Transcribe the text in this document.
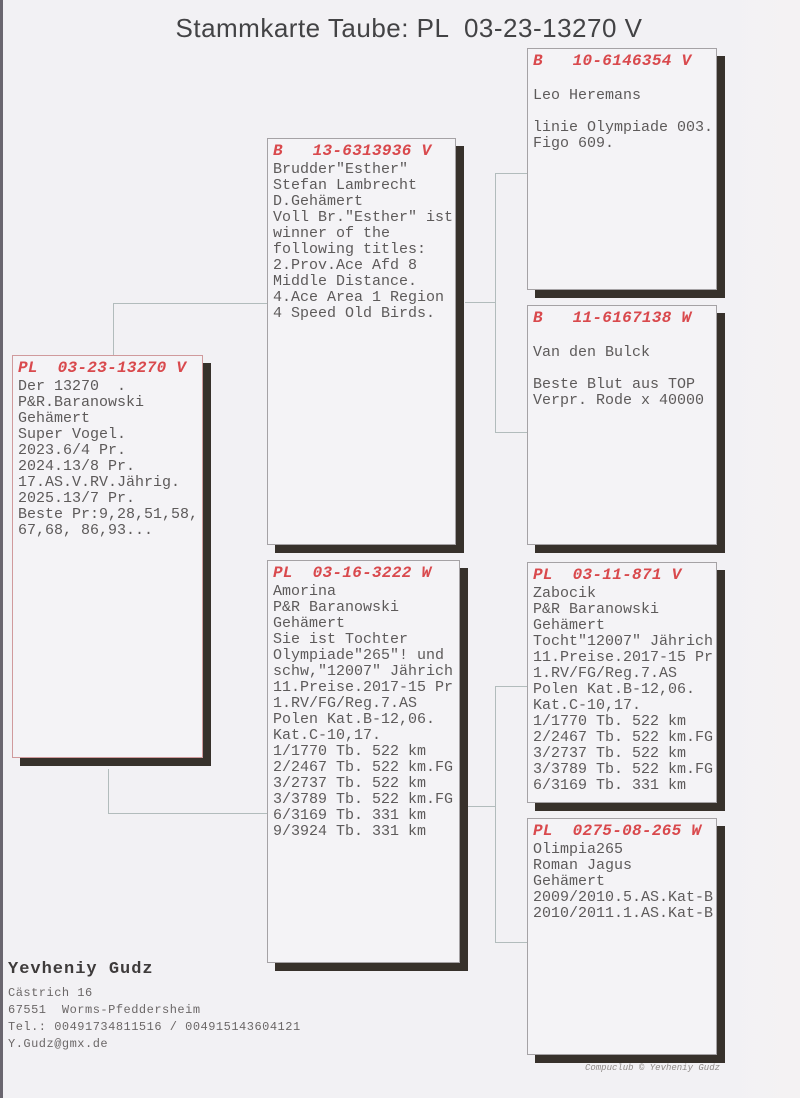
Stammkarte Taube: PL  03-23-13270 V
PL  03-23-13270 V
Der 13270  .
P&R.Baranowski
Gehämert
Super Vogel.
2023.6/4 Pr.
2024.13/8 Pr.
17.AS.V.RV.Jährig.
2025.13/7 Pr.
Beste Pr:9,28,51,58,
67,68, 86,93...
B   13-6313936 V
Brudder"Esther"
Stefan Lambrecht
D.Gehämert
Voll Br."Esther" ist
winner of the
following titles:
2.Prov.Ace Afd 8
Middle Distance.
4.Ace Area 1 Region
4 Speed Old Birds.
PL  03-16-3222 W
Amorina
P&R Baranowski
Gehämert
Sie ist Tochter
Olympiade"265"! und
schw,"12007" Jährich
11.Preise.2017-15 Pr
1.RV/FG/Reg.7.AS
Polen Kat.B-12,06.
Kat.C-10,17.
1/1770 Tb. 522 km
2/2467 Tb. 522 km.FG
3/2737 Tb. 522 km
3/3789 Tb. 522 km.FG
6/3169 Tb. 331 km
9/3924 Tb. 331 km
B   10-6146354 V
Leo Heremans
linie Olympiade 003.
Figo 609.
B   11-6167138 W
Van den Bulck
Beste Blut aus TOP
Verpr. Rode x 40000
PL  03-11-871 V
Zabocik
P&R Baranowski
Gehämert
Tocht"12007" Jährich
11.Preise.2017-15 Pr
1.RV/FG/Reg.7.AS
Polen Kat.B-12,06.
Kat.C-10,17.
1/1770 Tb. 522 km
2/2467 Tb. 522 km.FG
3/2737 Tb. 522 km
3/3789 Tb. 522 km.FG
6/3169 Tb. 331 km
PL  0275-08-265 W
Olimpia265
Roman Jagus
Gehämert
2009/2010.5.AS.Kat-B
2010/2011.1.AS.Kat-B
Yevheniy Gudz
Cästrich 16
67551  Worms-Pfeddersheim
Tel.: 00491734811516 / 004915143604121
Y.Gudz@gmx.de
Compuclub © Yevheniy Gudz
